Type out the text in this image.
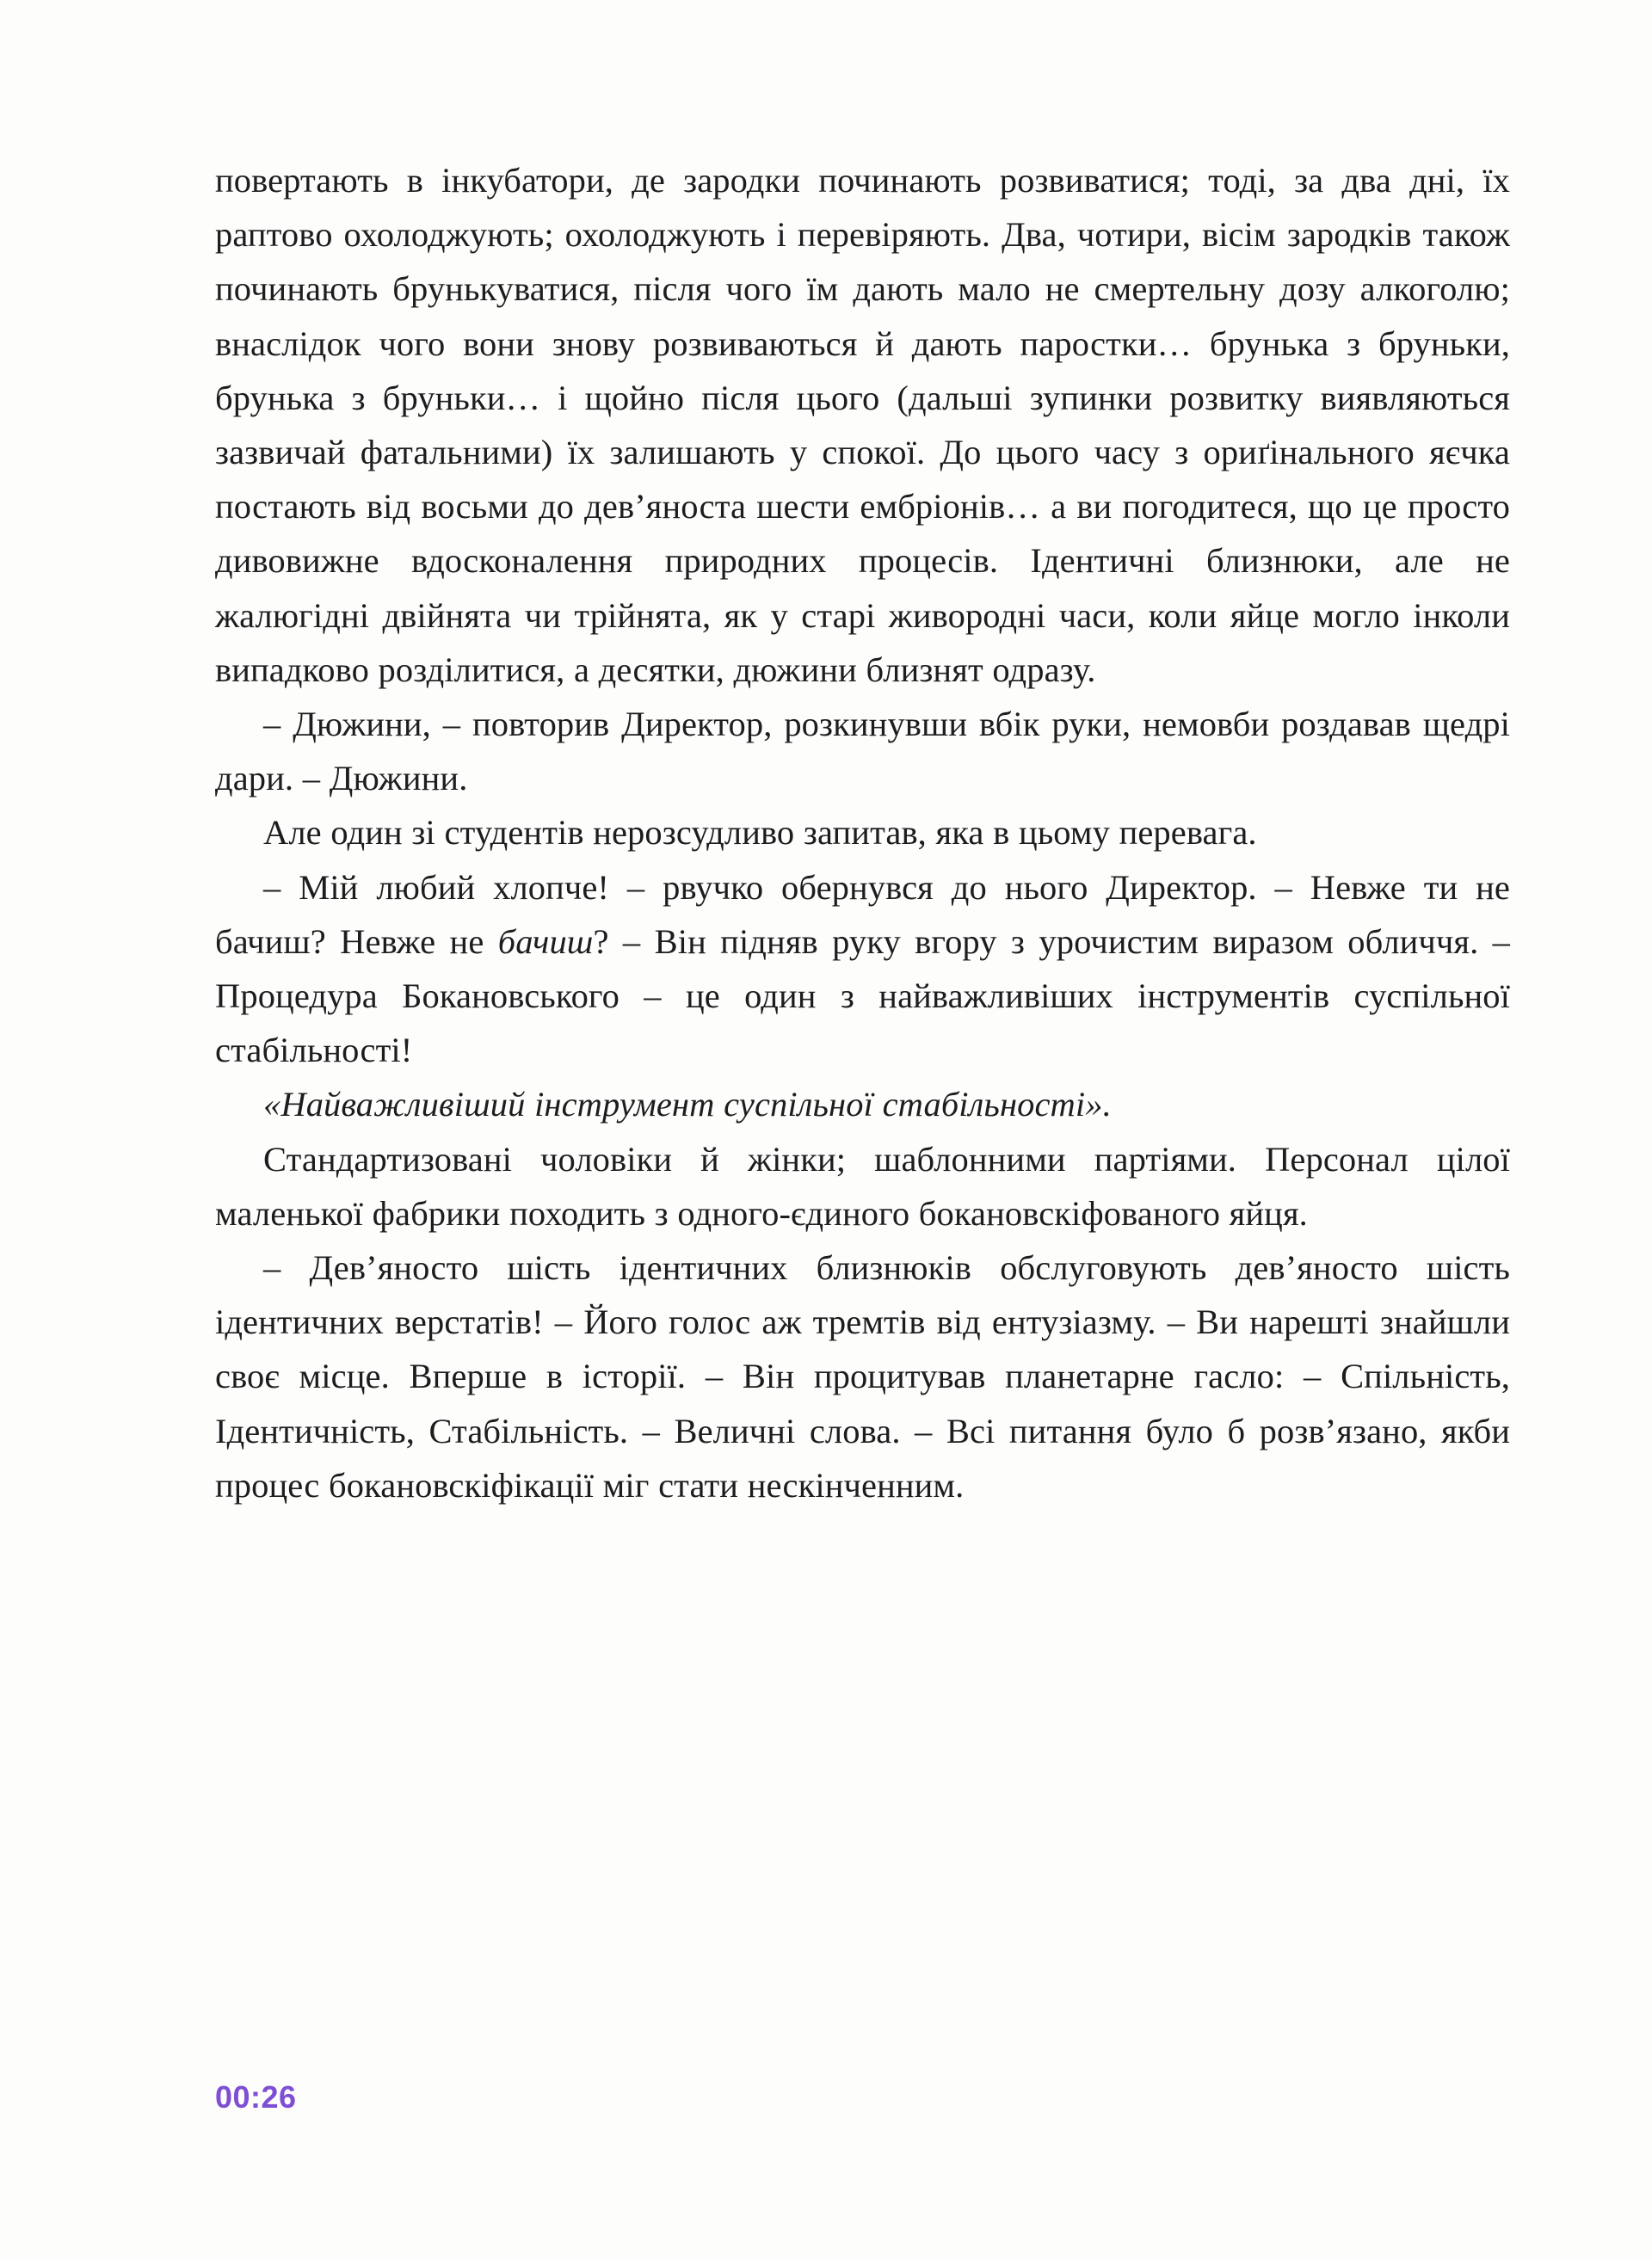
повертають в інкубатори, де зародки починають розвиватися; тоді, за два дні, їх раптово охолоджують; охолоджують і перевіряють. Два, чотири, вісім зародків також починають брунькуватися, після чого їм дають мало не смертельну дозу алкоголю; внаслідок чого вони знову розвиваються й дають паростки… брунька з бруньки, брунька з бруньки… і щойно після цього (дальші зупинки розвитку виявляються зазвичай фатальними) їх залишають у спокої. До цього часу з ориґінального яєчка постають від восьми до дев’яноста шести ембріонів… а ви погодитеся, що це просто дивовижне вдосконалення природних процесів. Ідентичні близнюки, але не жалюгідні двійнята чи трійнята, як у старі живородні часи, коли яйце могло інколи випадково розділитися, а десятки, дюжини близнят одразу.

– Дюжини, – повторив Директор, розкинувши вбік руки, немовби роздавав щедрі дари. – Дюжини.

Але один зі студентів нерозсудливо запитав, яка в цьому перевага.

– Мій любий хлопче! – рвучко обернувся до нього Директор. – Невже ти не бачиш? Невже не бачиш? – Він підняв руку вгору з урочистим виразом обличчя. – Процедура Бокановського – це один з найважливіших інструментів суспільної стабільності!

«Найважливіший інструмент суспільної стабільності».

Стандартизовані чоловіки й жінки; шаблонними партіями. Персонал цілої маленької фабрики походить з одного-єдиного бокановскіфованого яйця.

– Дев’яносто шість ідентичних близнюків обслуговують дев’яносто шість ідентичних верстатів! – Його голос аж тремтів від ентузіазму. – Ви нарешті знайшли своє місце. Вперше в історії. – Він процитував планетарне гасло: – Спільність, Ідентичність, Стабільність. – Величні слова. – Всі питання було б розв’язано, якби процес бокановскіфікації міг стати нескінченним.

00:26
